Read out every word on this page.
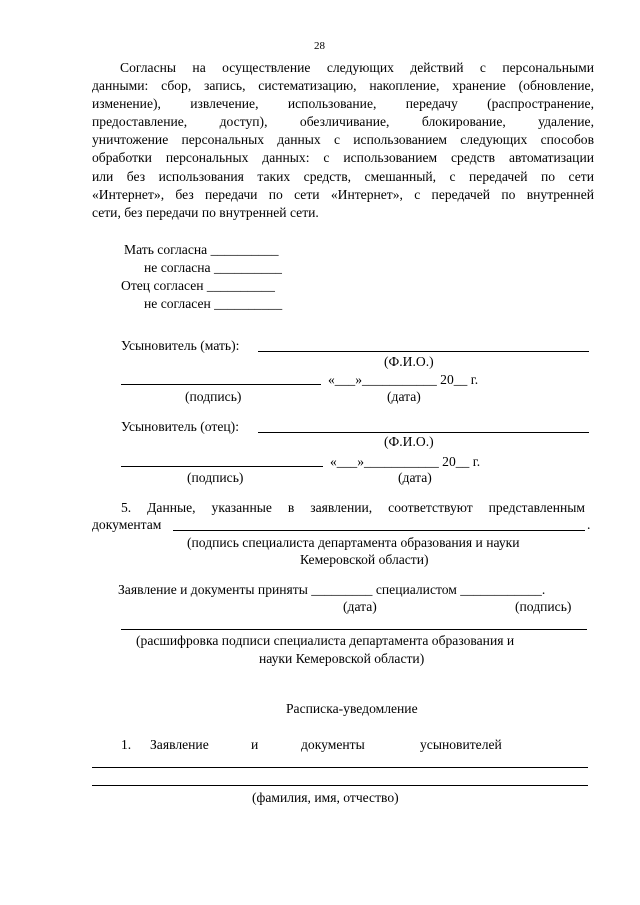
28
Согласны на осуществление следующих действий с персональными
данными: сбор, запись, систематизацию, накопление, хранение (обновление,
изменение), извлечение, использование, передачу (распространение,
предоставление, доступ), обезличивание, блокирование, удаление,
уничтожение персональных данных с использованием следующих способов
обработки персональных данных: с использованием средств автоматизации
или без использования таких средств, смешанный, с передачей по сети
«Интернет», без передачи по сети «Интернет», с передачей по внутренней
сети, без передачи по внутренней сети.
Мать согласна __________
не согласна __________
Отец согласен __________
не согласен __________
Усыновитель (мать):
(Ф.И.О.)
«___»___________ 20__ г.
(подпись)	(дата)
Усыновитель (отец):
(Ф.И.О.)
«___»___________ 20__ г.
(подпись)	(дата)
5. Данные, указанные в заявлении, соответствуют представленным
документам	.
(подпись специалиста департамента образования и науки
Кемеровской области)
Заявление и документы приняты _________ специалистом ____________.
(дата)	(подпись)
(расшифровка подписи специалиста департамента образования и
науки Кемеровской области)
Расписка-уведомление
1. Заявление	и	документы	усыновителей
(фамилия, имя, отчество)
